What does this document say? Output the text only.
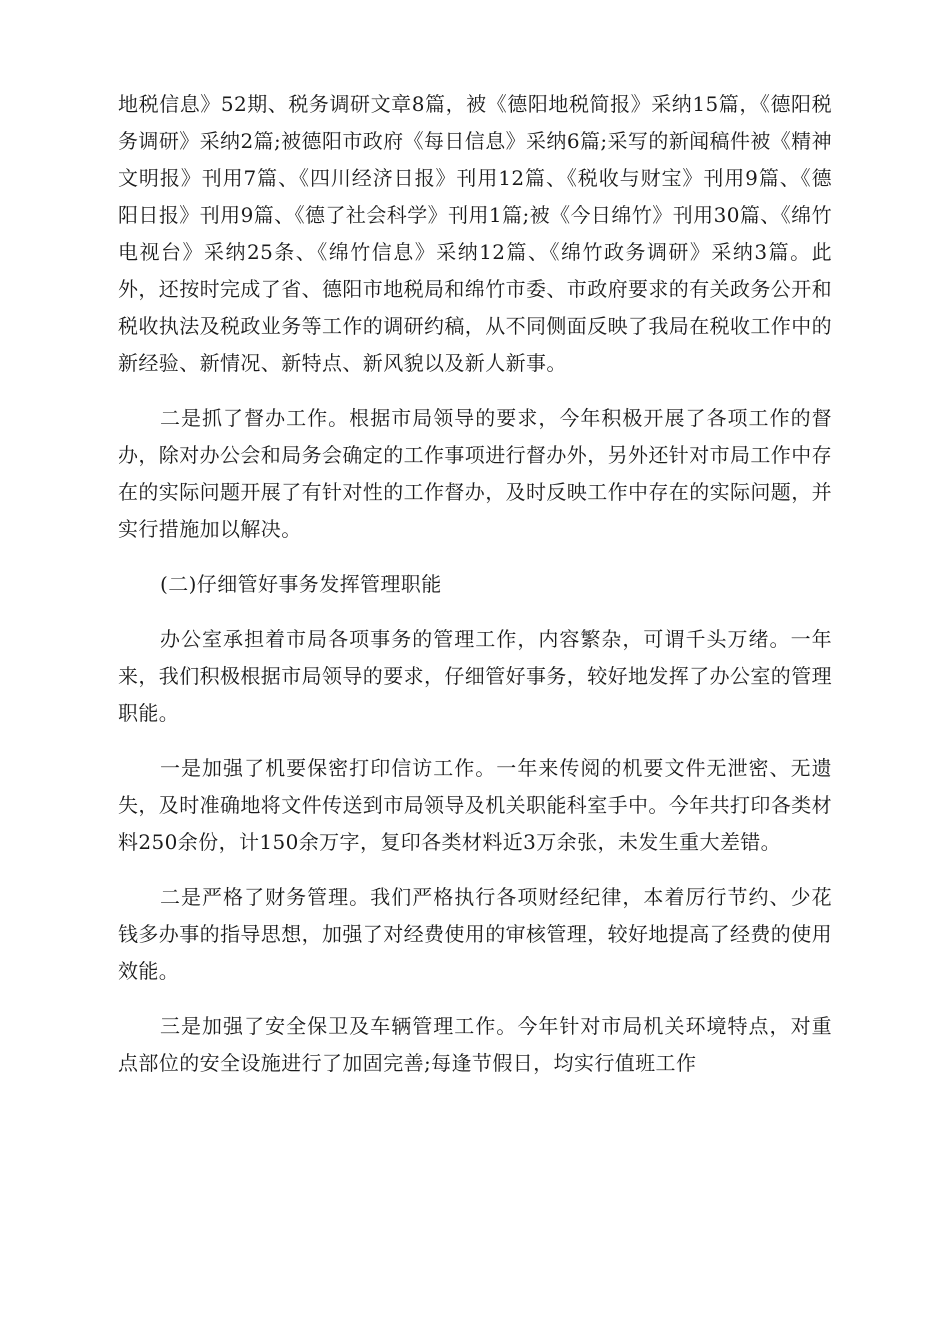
地税信息》52期、税务调研文章8篇，被《德阳地税简报》采纳15篇，《德阳税务调研》采纳2篇;被德阳市政府《每日信息》采纳6篇;采写的新闻稿件被《精神文明报》刊用7篇、《四川经济日报》刊用12篇、《税收与财宝》刊用9篇、《德阳日报》刊用9篇、《德了社会科学》刊用1篇;被《今日绵竹》刊用30篇、《绵竹电视台》采纳25条、《绵竹信息》采纳12篇、《绵竹政务调研》采纳3篇。此外，还按时完成了省、德阳市地税局和绵竹市委、市政府要求的有关政务公开和税收执法及税政业务等工作的调研约稿，从不同侧面反映了我局在税收工作中的新经验、新情况、新特点、新风貌以及新人新事。

二是抓了督办工作。根据市局领导的要求，今年积极开展了各项工作的督办，除对办公会和局务会确定的工作事项进行督办外，另外还针对市局工作中存在的实际问题开展了有针对性的工作督办，及时反映工作中存在的实际问题，并实行措施加以解决。

(二)仔细管好事务发挥管理职能

办公室承担着市局各项事务的管理工作，内容繁杂，可谓千头万绪。一年来，我们积极根据市局领导的要求，仔细管好事务，较好地发挥了办公室的管理职能。

一是加强了机要保密打印信访工作。一年来传阅的机要文件无泄密、无遗失，及时准确地将文件传送到市局领导及机关职能科室手中。今年共打印各类材料250余份，计150余万字，复印各类材料近3万余张，未发生重大差错。

二是严格了财务管理。我们严格执行各项财经纪律，本着厉行节约、少花钱多办事的指导思想，加强了对经费使用的审核管理，较好地提高了经费的使用效能。

三是加强了安全保卫及车辆管理工作。今年针对市局机关环境特点，对重点部位的安全设施进行了加固完善;每逢节假日，均实行值班工作
